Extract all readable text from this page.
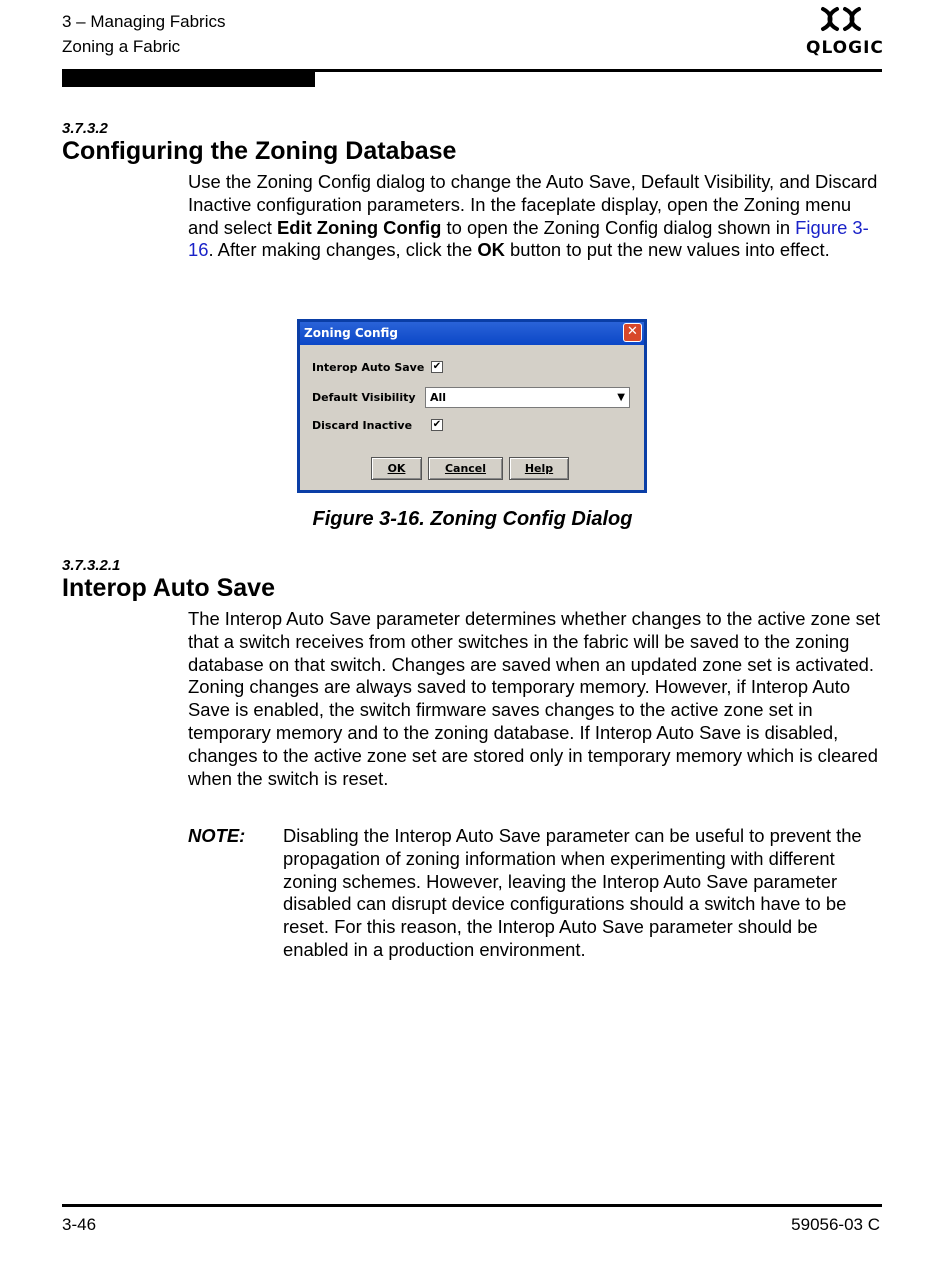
3 – Managing Fabrics
Zoning a Fabric	QLOGIC
3.7.3.2
Configuring the Zoning Database
Use the Zoning Config dialog to change the Auto Save, Default Visibility, and Discard Inactive configuration parameters. In the faceplate display, open the Zoning menu and select Edit Zoning Config to open the Zoning Config dialog shown in Figure 3-16. After making changes, click the OK button to put the new values into effect.
Zoning Config	✕
Interop Auto Save ✔
Default Visibility	All	▼
Discard Inactive ✔
OK	Cancel	Help
Figure 3-16. Zoning Config Dialog
3.7.3.2.1
Interop Auto Save
The Interop Auto Save parameter determines whether changes to the active zone set that a switch receives from other switches in the fabric will be saved to the zoning database on that switch. Changes are saved when an updated zone set is activated. Zoning changes are always saved to temporary memory. However, if Interop Auto Save is enabled, the switch firmware saves changes to the active zone set in temporary memory and to the zoning database. If Interop Auto Save is disabled, changes to the active zone set are stored only in temporary memory which is cleared when the switch is reset.
NOTE: Disabling the Interop Auto Save parameter can be useful to prevent the propagation of zoning information when experimenting with different zoning schemes. However, leaving the Interop Auto Save parameter disabled can disrupt device configurations should a switch have to be reset. For this reason, the Interop Auto Save parameter should be enabled in a production environment.
3-46	59056-03 C
